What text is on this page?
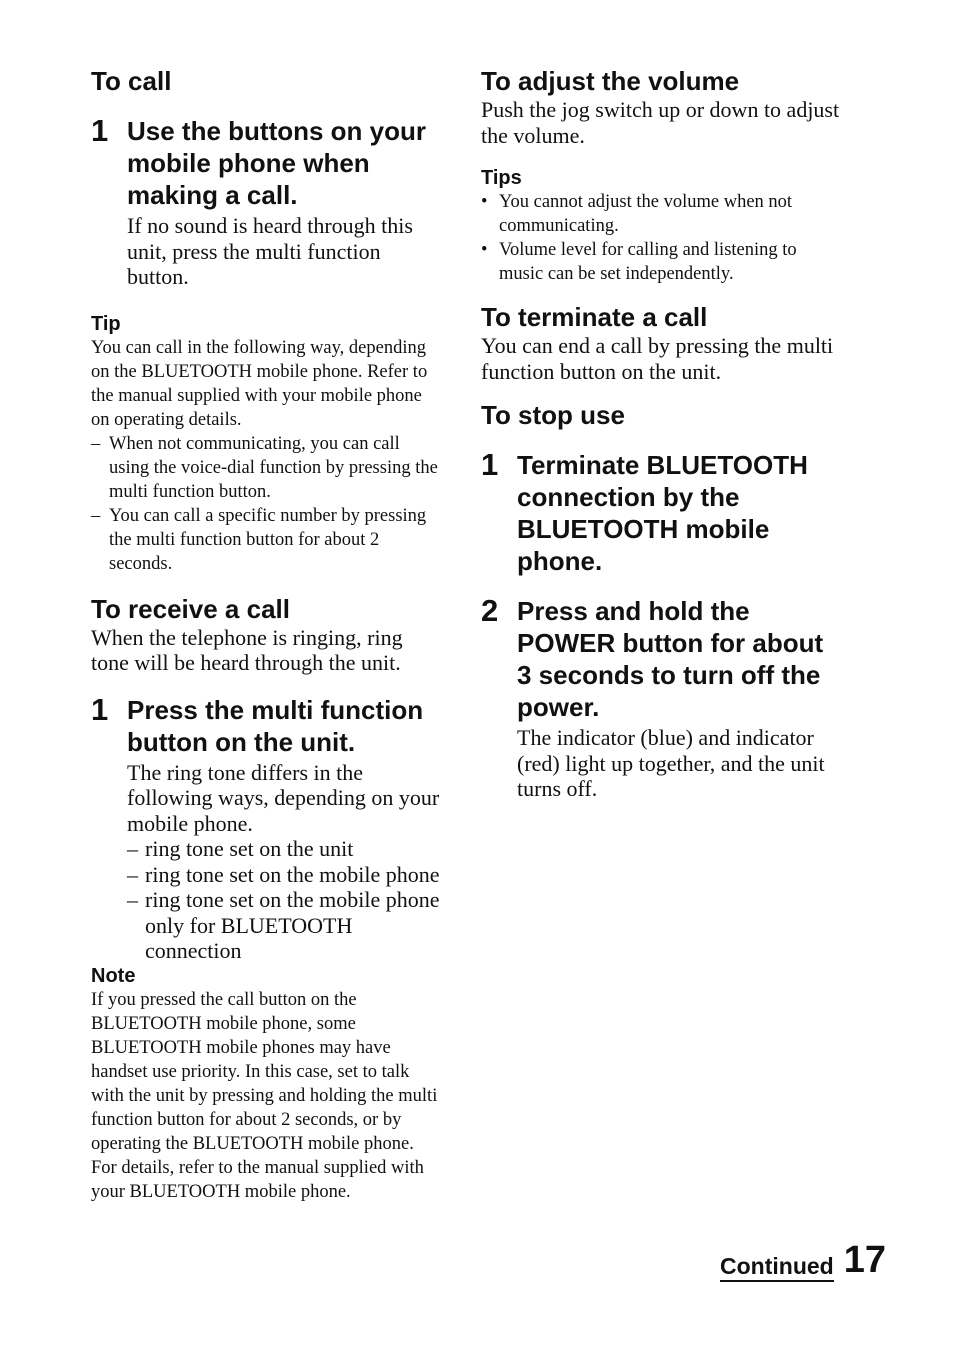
To call
1 Use the buttons on your mobile phone when making a call.

If no sound is heard through this unit, press the multi function button.

Tip

You can call in the following way, depending on the BLUETOOTH mobile phone. Refer to the manual supplied with your mobile phone on operating details.

– When not communicating, you can call using the voice-dial function by pressing the multi function button.
– You can call a specific number by pressing the multi function button for about 2 seconds.
To receive a call

When the telephone is ringing, ring tone will be heard through the unit.

1 Press the multi function button on the unit.

The ring tone differs in the following ways, depending on your mobile phone.

– ring tone set on the unit
– ring tone set on the mobile phone
– ring tone set on the mobile phone only for BLUETOOTH connection

Note

If you pressed the call button on the BLUETOOTH mobile phone, some BLUETOOTH mobile phones may have handset use priority. In this case, set to talk with the unit by pressing and holding the multi function button for about 2 seconds, or by operating the BLUETOOTH mobile phone. For details, refer to the manual supplied with your BLUETOOTH mobile phone.

To adjust the volume

Push the jog switch up or down to adjust the volume.

Tips

• You cannot adjust the volume when not communicating.
• Volume level for calling and listening to music can be set independently.
To terminate a call

You can end a call by pressing the multi function button on the unit.

To stop use
1 Terminate BLUETOOTH connection by the BLUETOOTH mobile phone.

2 Press and hold the POWER button for about 3 seconds to turn off the power.

The indicator (blue) and indicator (red) light up together, and the unit turns off.

Continued 17
